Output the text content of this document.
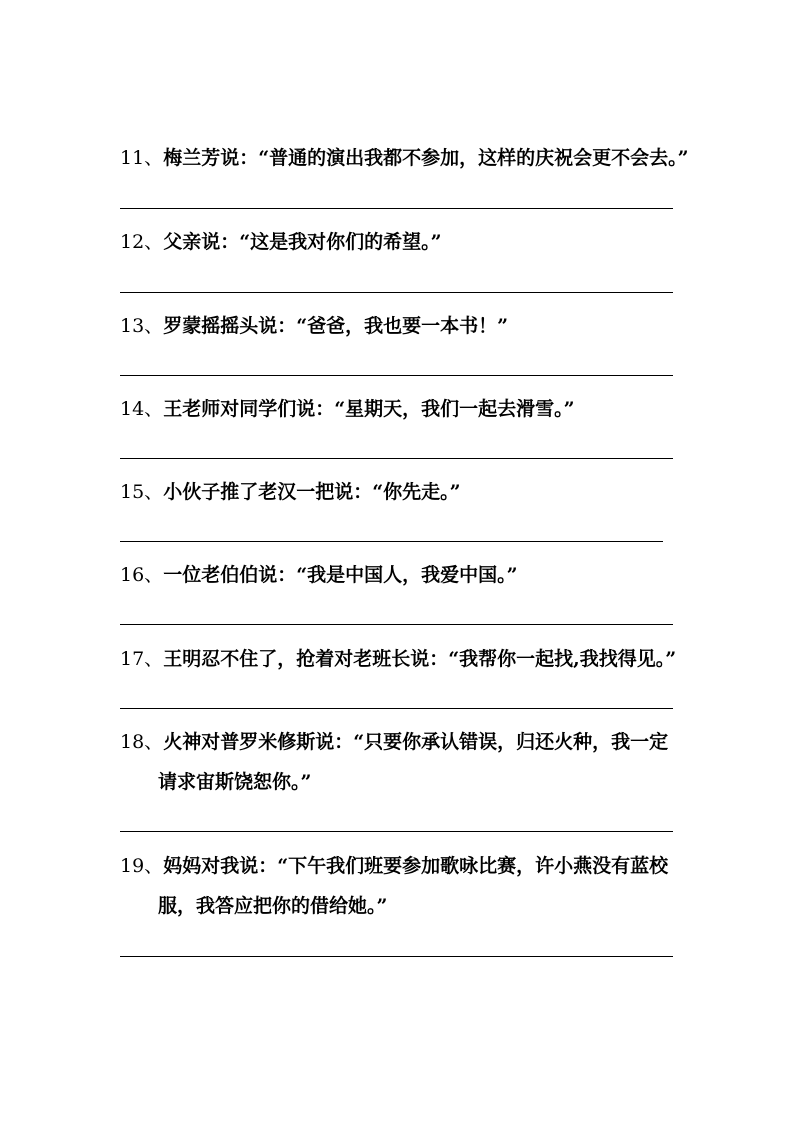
11、梅兰芳说：“普通的演出我都不参加，这样的庆祝会更不会去。”
12、父亲说：“这是我对你们的希望。”
13、罗蒙摇摇头说：“爸爸，我也要一本书！”
14、王老师对同学们说：“星期天，我们一起去滑雪。”
15、小伙子推了老汉一把说：“你先走。”
16、一位老伯伯说：“我是中国人，我爱中国。”
17、王明忍不住了，抢着对老班长说：“我帮你一起找,我找得见。”
18、火神对普罗米修斯说：“只要你承认错误，归还火种，我一定
请求宙斯饶恕你。”
19、妈妈对我说：“下午我们班要参加歌咏比赛，许小燕没有蓝校
服，我答应把你的借给她。”
